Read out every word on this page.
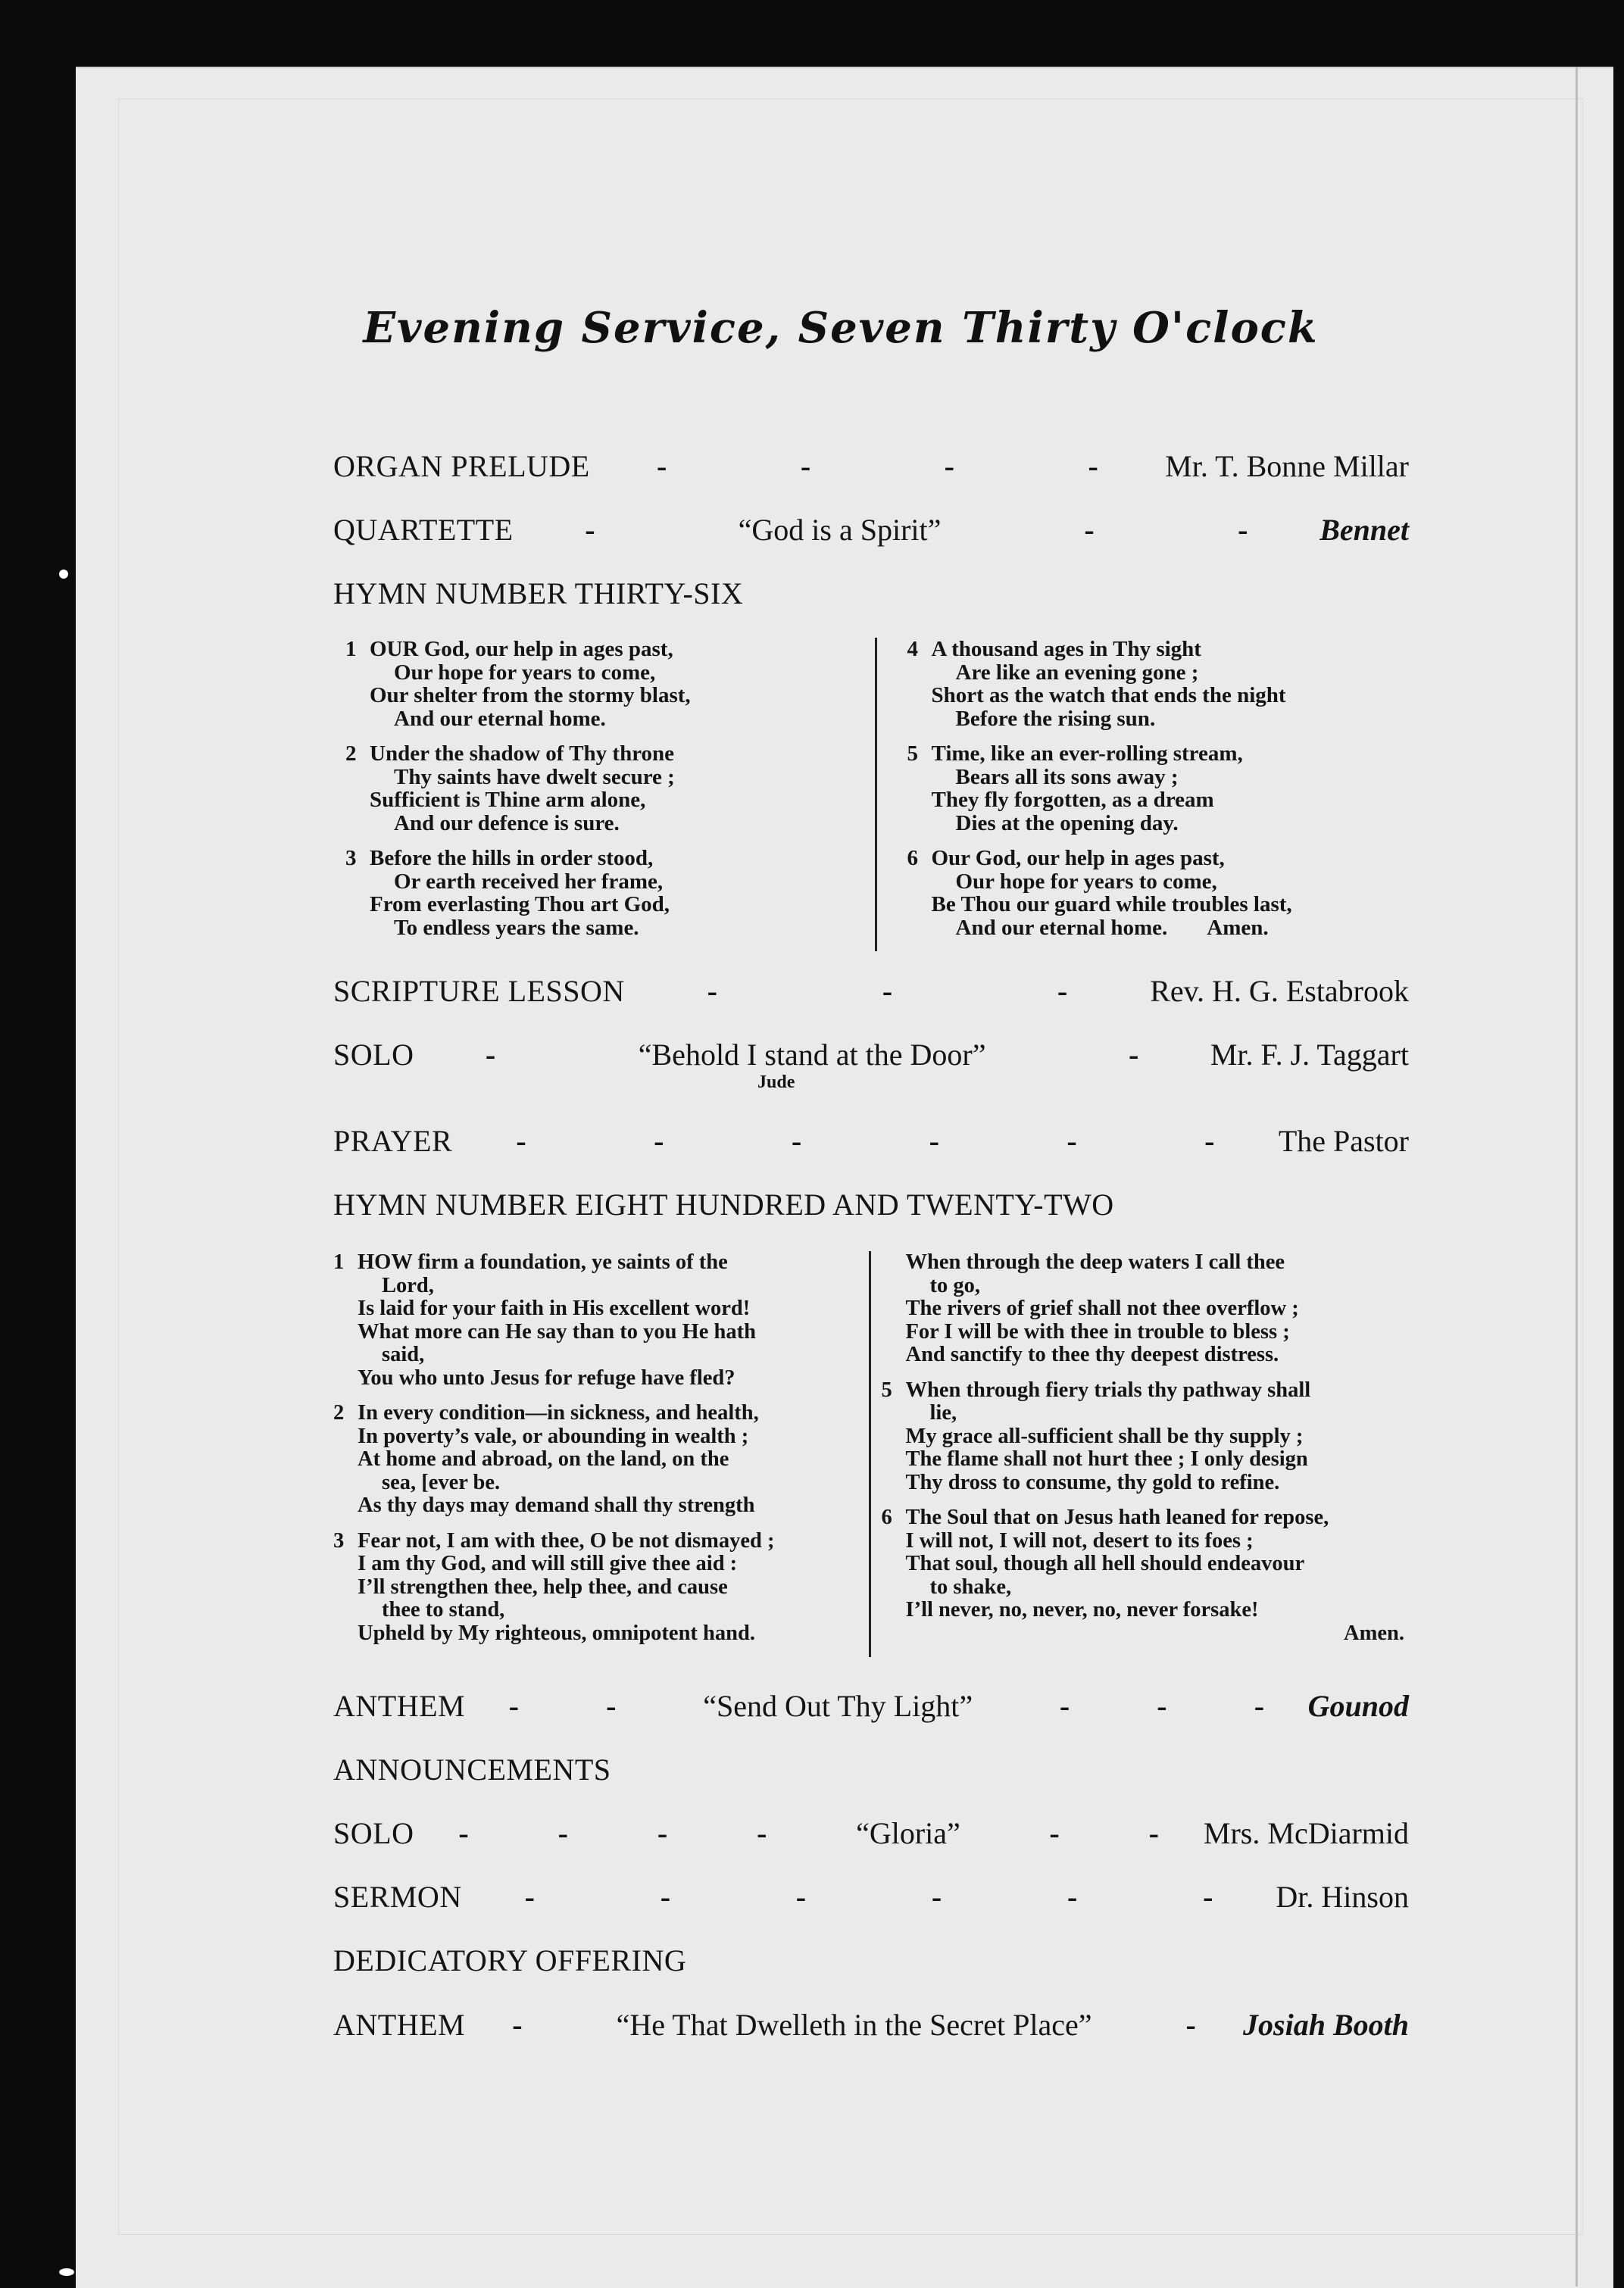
Evening Service, Seven Thirty O'clock
ORGAN PRELUDE -	-	-	- Mr. T. Bonne Millar
QUARTETTE -	“God is a Spirit”	-	- Bennet
HYMN NUMBER THIRTY-SIX
1 OUR God, our help in ages past,
Our hope for years to come,
Our shelter from the stormy blast,
And our eternal home.
2 Under the shadow of Thy throne
Thy saints have dwelt secure ;
Sufficient is Thine arm alone,
And our defence is sure.
3 Before the hills in order stood,
Or earth received her frame,
From everlasting Thou art God,
To endless years the same.
4 A thousand ages in Thy sight
Are like an evening gone ;
Short as the watch that ends the night
Before the rising sun.
5 Time, like an ever-rolling stream,
Bears all its sons away ;
They fly forgotten, as a dream
Dies at the opening day.
6 Our God, our help in ages past,
Our hope for years to come,
Be Thou our guard while troubles last,
And our eternal home. Amen.
SCRIPTURE LESSON	-	-	-	Rev. H. G. Estabrook
SOLO -	“Behold I stand at the Door”	- Mr. F. J. Taggart
Jude
PRAYER -	-	-	-	-	- The Pastor
HYMN NUMBER EIGHT HUNDRED AND TWENTY-TWO
1 HOW firm a foundation, ye saints of the
Lord,
Is laid for your faith in His excellent word!
What more can He say than to you He hath
said,
You who unto Jesus for refuge have fled?
2 In every condition—in sickness, and health,
In poverty’s vale, or abounding in wealth ;
At home and abroad, on the land, on the
sea, [ever be.
As thy days may demand shall thy strength
3 Fear not, I am with thee, O be not dismayed ;
I am thy God, and will still give thee aid :
I’ll strengthen thee, help thee, and cause
thee to stand,
Upheld by My righteous, omnipotent hand.
When through the deep waters I call thee
to go,
The rivers of grief shall not thee overflow ;
For I will be with thee in trouble to bless ;
And sanctify to thee thy deepest distress.
5 When through fiery trials thy pathway shall
lie,
My grace all-sufficient shall be thy supply ;
The flame shall not hurt thee ; I only design
Thy dross to consume, thy gold to refine.
6 The Soul that on Jesus hath leaned for repose,
I will not, I will not, desert to its foes ;
That soul, though all hell should endeavour
to shake,
I’ll never, no, never, no, never forsake!
Amen.
ANTHEM -	-	“Send Out Thy Light”	-	-	- Gounod
ANNOUNCEMENTS
SOLO -	-	-	-	“Gloria”	-	- Mrs. McDiarmid
SERMON -	-	-	-	-	- Dr. Hinson
DEDICATORY OFFERING
ANTHEM -	“He That Dwelleth in the Secret Place”	- Josiah Booth
